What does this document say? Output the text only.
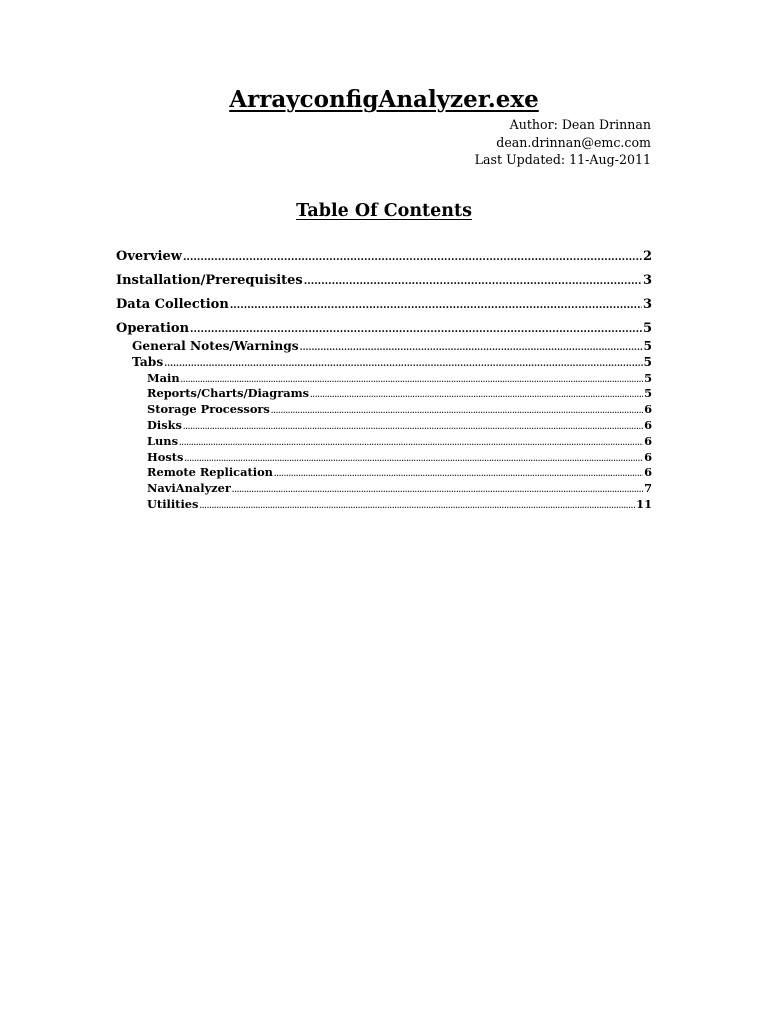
ArrayconfigAnalyzer.exe
Author: Dean Drinnan
dean.drinnan@emc.com
Last Updated: 11-Aug-2011
Table Of Contents
Overview .....	2
Installation/Prerequisites .....	3
Data Collection .....	3
Operation .....	5
General Notes/Warnings .....	5
Tabs .....	5
Main .....	5
Reports/Charts/Diagrams .....	5
Storage Processors .....	6
Disks .....	6
Luns .....	6
Hosts .....	6
Remote Replication .....	6
NaviAnalyzer .....	7
Utilities .....	11
